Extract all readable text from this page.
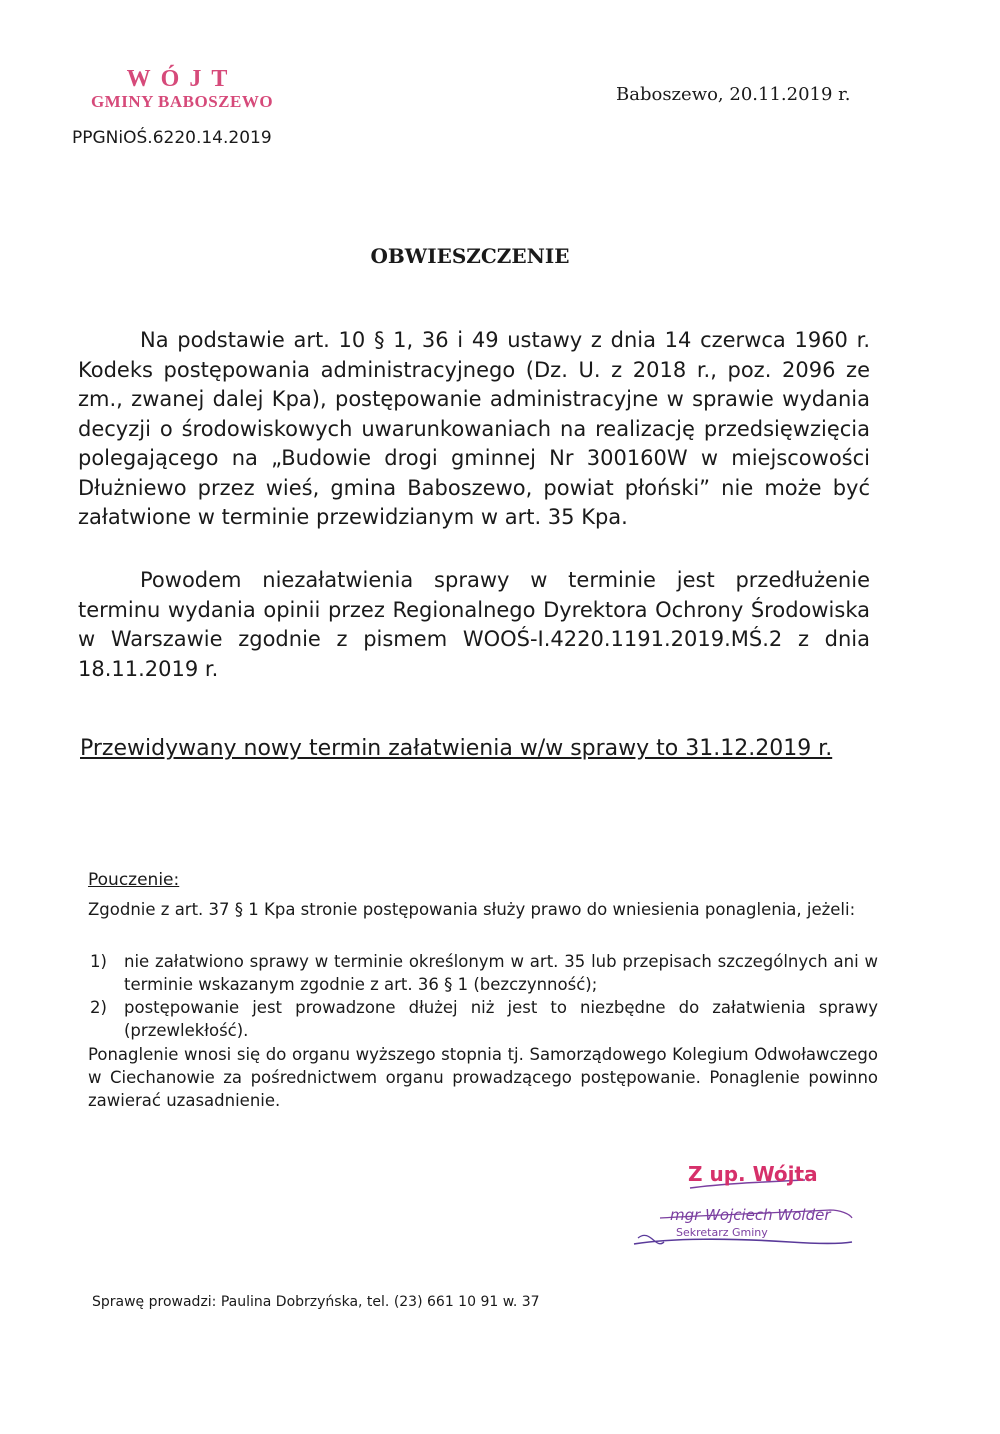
WÓJT
GMINY BABOSZEWO
PPGNiOŚ.6220.14.2019
Baboszewo, 20.11.2019 r.
OBWIESZCZENIE

Na podstawie art. 10 § 1, 36 i 49 ustawy z dnia 14 czerwca 1960 r. Kodeks postępowania administracyjnego (Dz. U. z 2018 r., poz. 2096 ze zm., zwanej dalej Kpa), postępowanie administracyjne w sprawie wydania decyzji o środowiskowych uwarunkowaniach na realizację przedsięwzięcia polegającego na „Budowie drogi gminnej Nr 300160W w miejscowości Dłużniewo przez wieś, gmina Baboszewo, powiat płoński” nie może być załatwione w terminie przewidzianym w art. 35 Kpa.

Powodem niezałatwienia sprawy w terminie jest przedłużenie terminu wydania opinii przez Regionalnego Dyrektora Ochrony Środowiska w Warszawie zgodnie z pismem WOOŚ-I.4220.1191.2019.MŚ.2 z dnia 18.11.2019 r.

Przewidywany nowy termin załatwienia w/w sprawy to 31.12.2019 r.
Pouczenie:

Zgodnie z art. 37 § 1 Kpa stronie postępowania służy prawo do wniesienia ponaglenia, jeżeli:

1) nie załatwiono sprawy w terminie określonym w art. 35 lub przepisach szczególnych ani w terminie wskazanym zgodnie z art. 36 § 1 (bezczynność);
2) postępowanie jest prowadzone dłużej niż jest to niezbędne do załatwienia sprawy (przewlekłość).

Ponaglenie wnosi się do organu wyższego stopnia tj. Samorządowego Kolegium Odwoławczego w Ciechanowie za pośrednictwem organu prowadzącego postępowanie. Ponaglenie powinno zawierać uzasadnienie.

Z up. Wójta
mgr Wojciech Wolder
Sekretarz Gminy
Sprawę prowadzi: Paulina Dobrzyńska, tel. (23) 661 10 91 w. 37
